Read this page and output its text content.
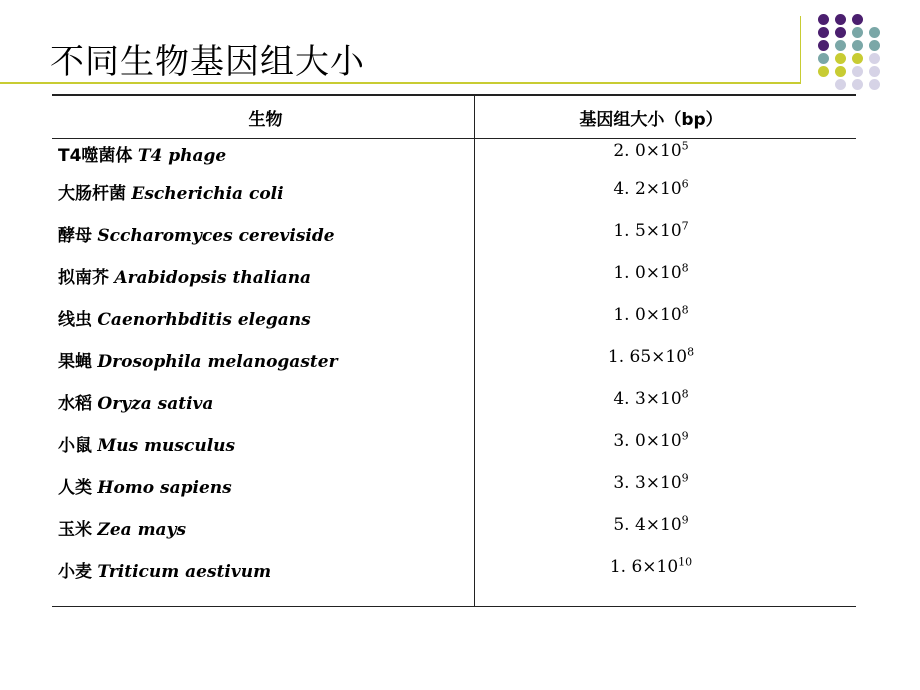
不同生物基因组大小
生物	基因组大小（bp）
T4噬菌体 T4 phage	2. $0\times 10^5$
大肠杆菌 Escherichia coli	4. $2\times 10^6$
酵母 Sccharomyces cereviside	1. $5\times 10^7$
拟南芥 Arabidopsis thaliana	1. $0\times 10^8$
线虫 Caenorhbditis elegans	1. $0\times 10^8$
果蝇 Drosophila melanogaster	1. $65\times 10^8$
水稻 Oryza sativa	4. $3\times 10^8$
小鼠 Mus musculus	3. $0\times 10^9$
人类 Homo sapiens	3. $3\times 10^9$
玉米 Zea mays	5. $4\times 10^9$
小麦 Triticum aestivum	1. $6\times 10^{10}$
